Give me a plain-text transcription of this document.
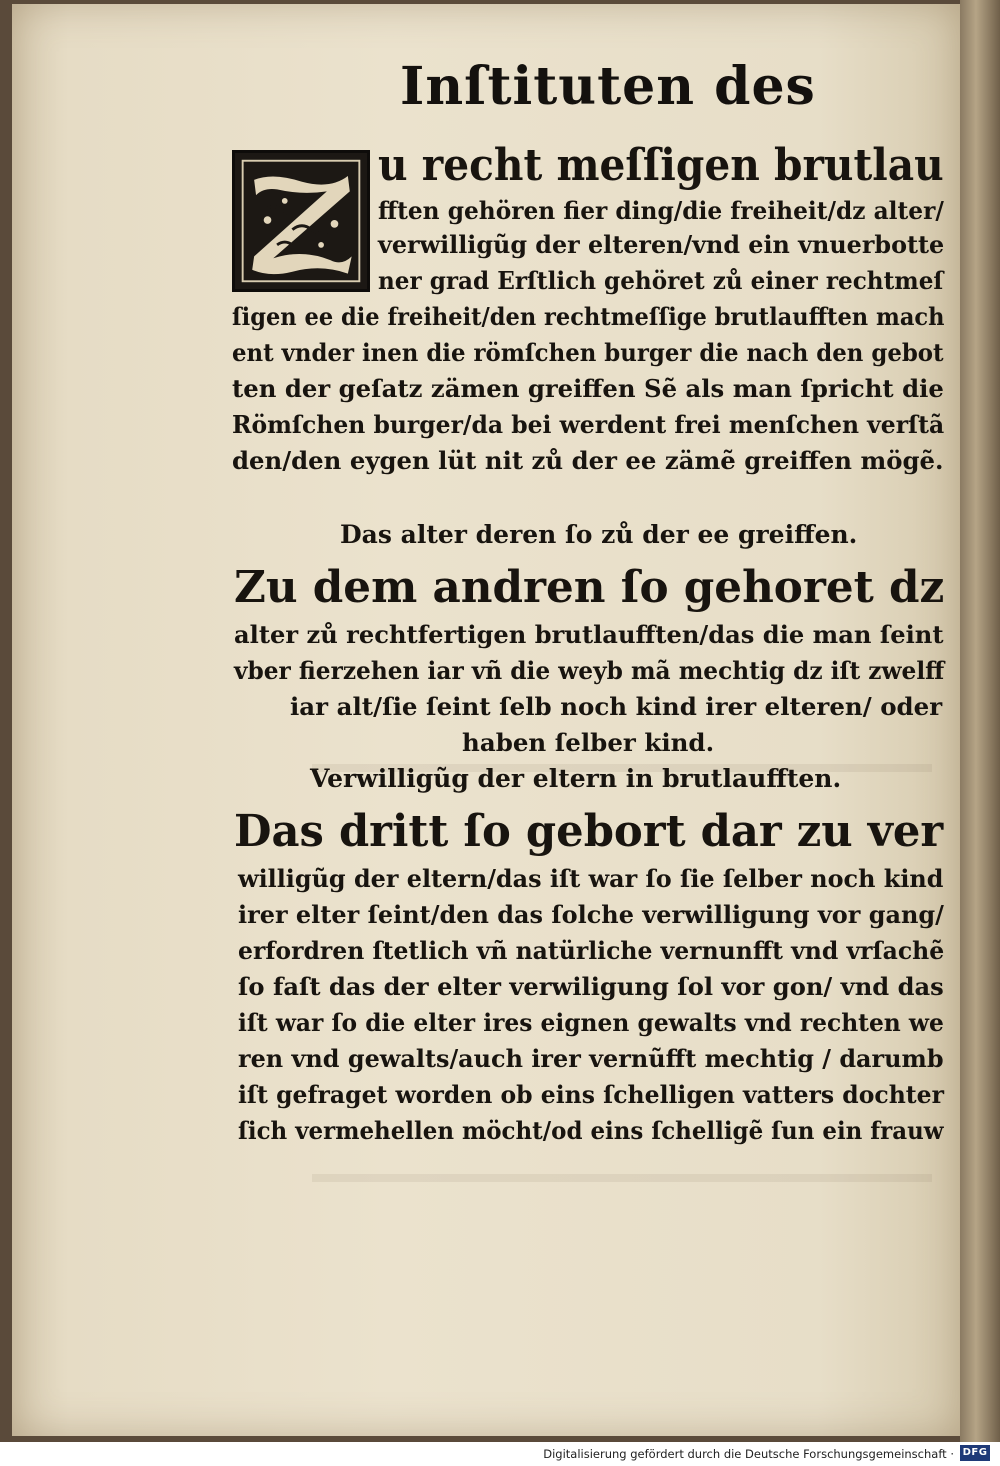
Inſtituten des
u recht meſſigen brutlau
fften gehören fier ding/die freiheit/dz alter/
verwilligũg der elteren/vnd ein vnuerbotte
ner grad Erſtlich gehöret zů einer rechtmeſ
ſigen ee die freiheit/den rechtmeſſige brutlaufften mach
ent vnder inen die römſchen burger die nach den gebot
ten der geſatz zämen greiffen Sẽ als man ſpricht die
Römſchen burger/da bei werdent frei menſchen verſtã
den/den eygen lüt nit zů der ee zämẽ greiffen mögẽ.
Das alter deren ſo zů der ee greiffen.
Zu dem andren ſo gehoret dz
alter zů rechtfertigen brutlaufften/das die man ſeint
vber fierzehen iar vñ die weyb mã mechtig dz iſt zwelff
iar alt/ſie ſeint ſelb noch kind irer elteren/ oder
haben ſelber kind.
Verwilligũg der eltern in brutlaufften.
Das dritt ſo gebort dar zu ver
willigũg der eltern/das iſt war ſo ſie ſelber noch kind
irer elter ſeint/den das ſolche verwilligung vor gang/
erfordren ſtetlich vñ natürliche vernunfft vnd vrſachẽ
ſo faſt das der elter verwiligung ſol vor gon/ vnd das
iſt war ſo die elter ires eignen gewalts vnd rechten we
ren vnd gewalts/auch irer vernũfft mechtig / darumb
iſt gefraget worden ob eins ſchelligen vatters dochter
ſich vermehellen möcht/od eins ſchelligẽ ſun ein frauw
Digitalisierung gefördert durch die Deutsche Forschungsgemeinschaft · DFG
